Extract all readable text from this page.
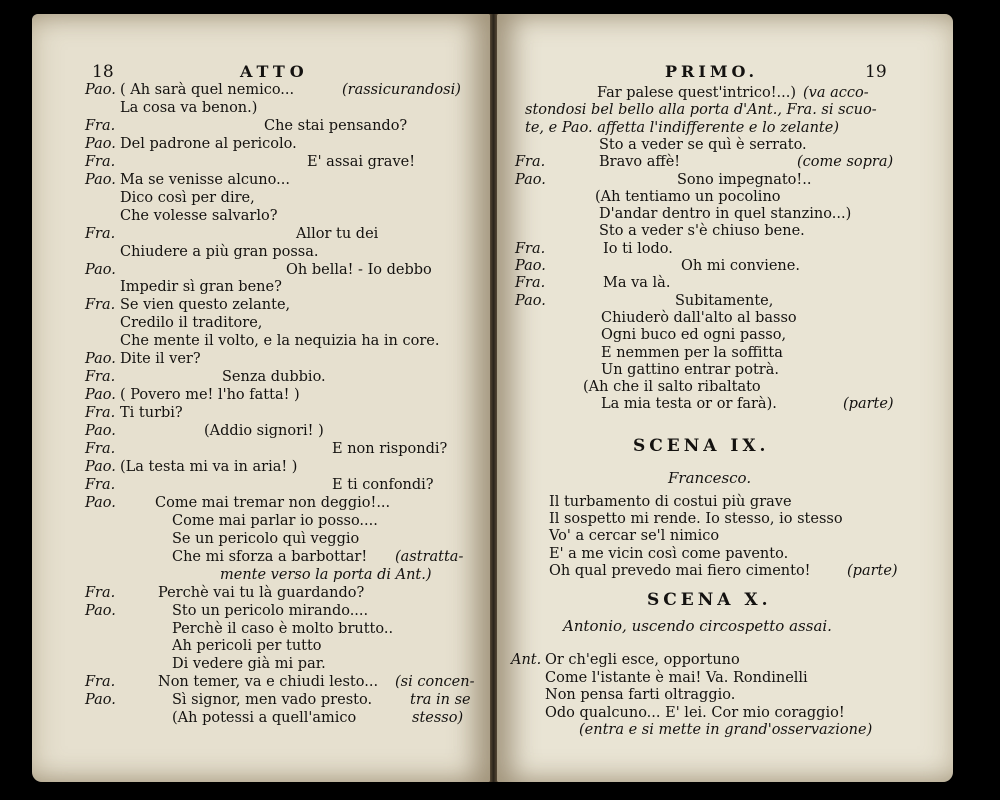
18	ATTO
Pao. ( Ah sarà quel nemico...	(rassicurandosi)
La cosa va benon.)
Fra.	Che stai pensando?
Pao. Del padrone al pericolo.
Fra.	E' assai grave!
Pao. Ma se venisse alcuno...
Dico così per dire,
Che volesse salvarlo?
Fra.	Allor tu dei
Chiudere a più gran possa.
Pao.	Oh bella! - Io debbo
Impedir sì gran bene?
Fra. Se vien questo zelante,
Credilo il traditore,
Che mente il volto, e la nequizia ha in core.
Pao. Dite il ver?
Fra.	Senza dubbio.
Pao. ( Povero me! l'ho fatta! )
Fra. Ti turbi?
Pao.	(Addio signori! )
Fra.	E non rispondi?
Pao. (La testa mi va in aria! )
Fra.	E ti confondi?
Pao.	Come mai tremar non deggio!...
Come mai parlar io posso....
Se un pericolo quì veggio
Che mi sforza a barbottar! (astratta-
mente verso la porta di Ant.)
Fra.	Perchè vai tu là guardando?
Pao.	Sto un pericolo mirando....
Perchè il caso è molto brutto..
Ah pericoli per tutto
Di vedere già mi par.
Fra.	Non temer, va e chiudi lesto... (si concen-
Pao.	Sì signor, men vado presto.	tra in se
(Ah potessi a quell'amico	stesso)
PRIMO.	19
Far palese quest'intrico!...) (va acco-
stondosi bel bello alla porta d'Ant., Fra. si scuo-
te, e Pao. affetta l'indifferente e lo zelante)
Sto a veder se quì è serrato.
Fra.	Bravo affè!	(come sopra)
Pao.	Sono impegnato!..
(Ah tentiamo un pocolino
D'andar dentro in quel stanzino...)
Sto a veder s'è chiuso bene.
Fra.	Io ti lodo.
Pao.	Oh mi conviene.
Fra.	Ma va là.
Pao.	Subitamente,
Chiuderò dall'alto al basso
Ogni buco ed ogni passo,
E nemmen per la soffitta
Un gattino entrar potrà.
(Ah che il salto ribaltato
La mia testa or or farà).	(parte)
SCENA IX.
Francesco.
Il turbamento di costui più grave
Il sospetto mi rende. Io stesso, io stesso
Vo' a cercar se'l nimico
E' a me vicin così come pavento.
Oh qual prevedo mai fiero cimento!	(parte)
SCENA X.
Antonio, uscendo circospetto assai.
Ant. Or ch'egli esce, opportuno
Come l'istante è mai! Va. Rondinelli
Non pensa farti oltraggio.
Odo qualcuno... E' lei. Cor mio coraggio!
(entra e si mette in grand'osservazione)
